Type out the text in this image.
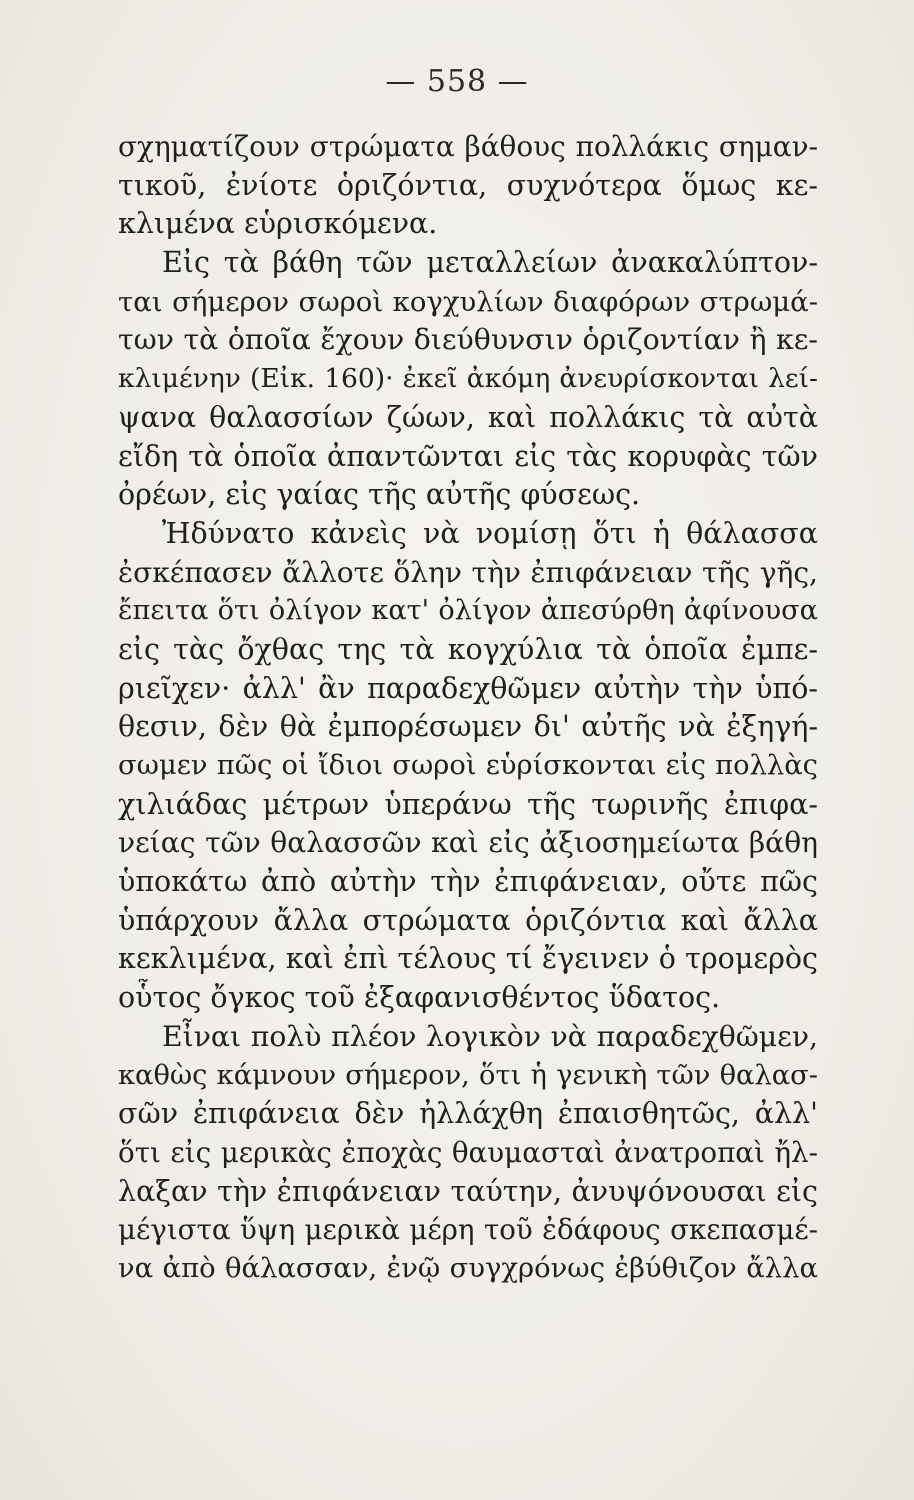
— 558 —
σχηματίζουν στρώματα βάθους πολλάκις σημαν-
τικοῦ, ἐνίοτε ὁριζόντια, συχνότερα ὅμως κε-
κλιμένα εὑρισκόμενα.
Εἰς τὰ βάθη τῶν μεταλλείων ἀνακαλύπτον-
ται σήμερον σωροὶ κογχυλίων διαφόρων στρωμά-
των τὰ ὁποῖα ἔχουν διεύθυνσιν ὁριζοντίαν ἢ κε-
κλιμένην (Εἰκ. 160)· ἐκεῖ ἀκόμη ἀνευρίσκονται λεί-
ψανα θαλασσίων ζώων, καὶ πολλάκις τὰ αὐτὰ
εἴδη τὰ ὁποῖα ἀπαντῶνται εἰς τὰς κορυφὰς τῶν
ὀρέων, εἰς γαίας τῆς αὐτῆς φύσεως.
Ἠδύνατο κἀνεὶς νὰ νομίσῃ ὅτι ἡ θάλασσα
ἐσκέπασεν ἄλλοτε ὅλην τὴν ἐπιφάνειαν τῆς γῆς,
ἔπειτα ὅτι ὀλίγον κατ' ὀλίγον ἀπεσύρθη ἀφίνουσα
εἰς τὰς ὄχθας της τὰ κογχύλια τὰ ὁποῖα ἐμπε-
ριεῖχεν· ἀλλ' ἂν παραδεχθῶμεν αὐτὴν τὴν ὑπό-
θεσιν, δὲν θὰ ἐμπορέσωμεν δι' αὐτῆς νὰ ἐξηγή-
σωμεν πῶς οἱ ἴδιοι σωροὶ εὑρίσκονται εἰς πολλὰς
χιλιάδας μέτρων ὑπεράνω τῆς τωρινῆς ἐπιφα-
νείας τῶν θαλασσῶν καὶ εἰς ἀξιοσημείωτα βάθη
ὑποκάτω ἀπὸ αὐτὴν τὴν ἐπιφάνειαν, οὔτε πῶς
ὑπάρχουν ἄλλα στρώματα ὁριζόντια καὶ ἄλλα
κεκλιμένα, καὶ ἐπὶ τέλους τί ἔγεινεν ὁ τρομερὸς
οὗτος ὄγκος τοῦ ἐξαφανισθέντος ὕδατος.
Εἶναι πολὺ πλέον λογικὸν νὰ παραδεχθῶμεν,
καθὼς κάμνουν σήμερον, ὅτι ἡ γενικὴ τῶν θαλασ-
σῶν ἐπιφάνεια δὲν ἠλλάχθη ἐπαισθητῶς, ἀλλ'
ὅτι εἰς μερικὰς ἐποχὰς θαυμασταὶ ἀνατροπαὶ ἤλ-
λαξαν τὴν ἐπιφάνειαν ταύτην, ἀνυψόνουσαι εἰς
μέγιστα ὕψη μερικὰ μέρη τοῦ ἐδάφους σκεπασμέ-
να ἀπὸ θάλασσαν, ἐνῷ συγχρόνως ἐβύθιζον ἄλλα
